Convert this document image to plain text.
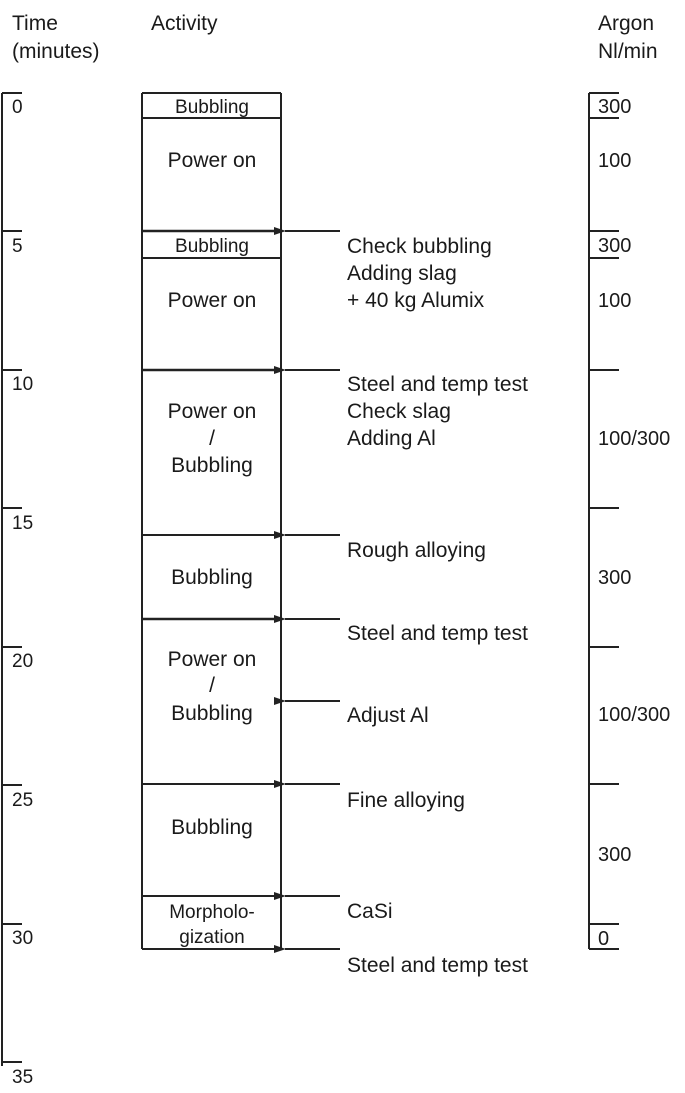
Time
(minutes)
Activity	Argon
Nl/min
0
5
10
15
20
25
30
35
Bubbling
Power on
Bubbling
Power on
Power on
/
Bubbling
Bubbling
Power on
/
Bubbling
Bubbling
Morpholo-
gization
Check bubbling
Adding slag
+ 40 kg Alumix
Steel and temp test
Check slag
Adding Al
Rough alloying
Steel and temp test
Adjust Al
Fine alloying
CaSi
Steel and temp test
300
100
300
100
100/300
300
100/300
300
0
